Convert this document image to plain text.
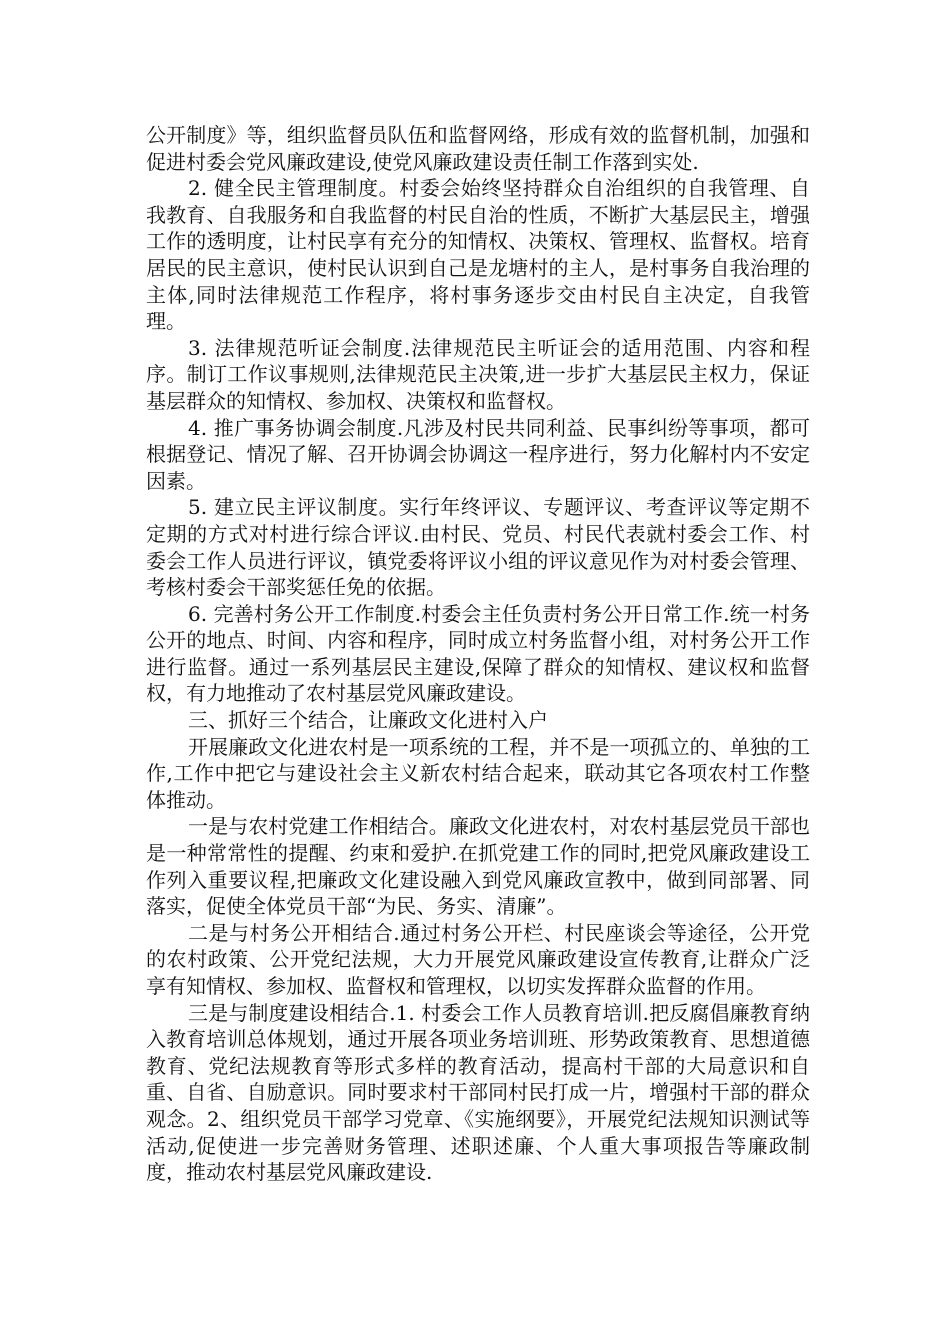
公开制度》等，组织监督员队伍和监督网络，形成有效的监督机制，加强和促进村委会党风廉政建设,使党风廉政建设责任制工作落到实处.

2. 健全民主管理制度。村委会始终坚持群众自治组织的自我管理、自我教育、自我服务和自我监督的村民自治的性质，不断扩大基层民主，增强工作的透明度，让村民享有充分的知情权、决策权、管理权、监督权。培育居民的民主意识，使村民认识到自己是龙塘村的主人，是村事务自我治理的主体,同时法律规范工作程序，将村事务逐步交由村民自主决定，自我管理。

3. 法律规范听证会制度.法律规范民主听证会的适用范围、内容和程序。制订工作议事规则,法律规范民主决策,进一步扩大基层民主权力，保证基层群众的知情权、参加权、决策权和监督权。

4. 推广事务协调会制度.凡涉及村民共同利益、民事纠纷等事项，都可根据登记、情况了解、召开协调会协调这一程序进行，努力化解村内不安定因素。

5. 建立民主评议制度。实行年终评议、专题评议、考查评议等定期不定期的方式对村进行综合评议.由村民、党员、村民代表就村委会工作、村委会工作人员进行评议，镇党委将评议小组的评议意见作为对村委会管理、考核村委会干部奖惩任免的依据。

6. 完善村务公开工作制度.村委会主任负责村务公开日常工作.统一村务公开的地点、时间、内容和程序，同时成立村务监督小组，对村务公开工作进行监督。通过一系列基层民主建设,保障了群众的知情权、建议权和监督权，有力地推动了农村基层党风廉政建设。

三、抓好三个结合，让廉政文化进村入户

开展廉政文化进农村是一项系统的工程，并不是一项孤立的、单独的工作,工作中把它与建设社会主义新农村结合起来，联动其它各项农村工作整体推动。

一是与农村党建工作相结合。廉政文化进农村，对农村基层党员干部也是一种常常性的提醒、约束和爱护.在抓党建工作的同时,把党风廉政建设工作列入重要议程,把廉政文化建设融入到党风廉政宣教中，做到同部署、同落实，促使全体党员干部“为民、务实、清廉”。

二是与村务公开相结合.通过村务公开栏、村民座谈会等途径，公开党的农村政策、公开党纪法规，大力开展党风廉政建设宣传教育,让群众广泛享有知情权、参加权、监督权和管理权，以切实发挥群众监督的作用。

三是与制度建设相结合.1. 村委会工作人员教育培训.把反腐倡廉教育纳入教育培训总体规划，通过开展各项业务培训班、形势政策教育、思想道德教育、党纪法规教育等形式多样的教育活动，提高村干部的大局意识和自重、自省、自励意识。同时要求村干部同村民打成一片，增强村干部的群众观念。2、组织党员干部学习党章、《实施纲要》，开展党纪法规知识测试等活动,促使进一步完善财务管理、述职述廉、个人重大事项报告等廉政制度，推动农村基层党风廉政建设.
